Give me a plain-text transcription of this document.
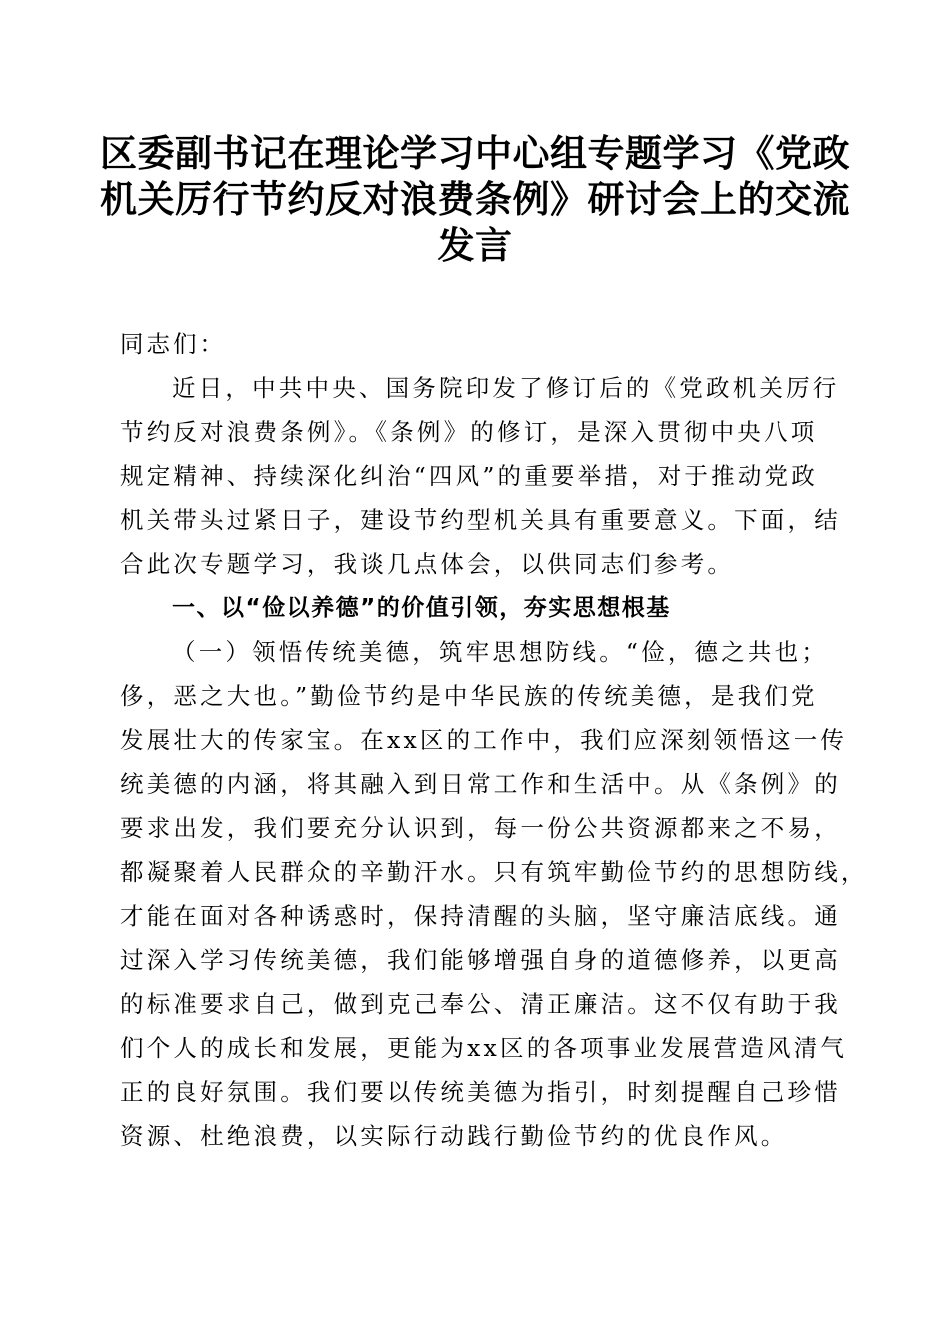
区委副书记在理论学习中心组专题学习《党政
机关厉行节约反对浪费条例》研讨会上的交流
发言
同志们：
近日，中共中央、国务院印发了修订后的《党政机关厉行
节约反对浪费条例》。《条例》的修订，是深入贯彻中央八项
规定精神、持续深化纠治“四风”的重要举措，对于推动党政
机关带头过紧日子，建设节约型机关具有重要意义。下面，结
合此次专题学习，我谈几点体会，以供同志们参考。
一、以“俭以养德”的价值引领，夯实思想根基
（一）领悟传统美德，筑牢思想防线。“俭，德之共也；
侈，恶之大也。”勤俭节约是中华民族的传统美德，是我们党
发展壮大的传家宝。在xx区的工作中，我们应深刻领悟这一传
统美德的内涵，将其融入到日常工作和生活中。从《条例》的
要求出发，我们要充分认识到，每一份公共资源都来之不易，
都凝聚着人民群众的辛勤汗水。只有筑牢勤俭节约的思想防线，
才能在面对各种诱惑时，保持清醒的头脑，坚守廉洁底线。通
过深入学习传统美德，我们能够增强自身的道德修养，以更高
的标准要求自己，做到克己奉公、清正廉洁。这不仅有助于我
们个人的成长和发展，更能为xx区的各项事业发展营造风清气
正的良好氛围。我们要以传统美德为指引，时刻提醒自己珍惜
资源、杜绝浪费，以实际行动践行勤俭节约的优良作风。
